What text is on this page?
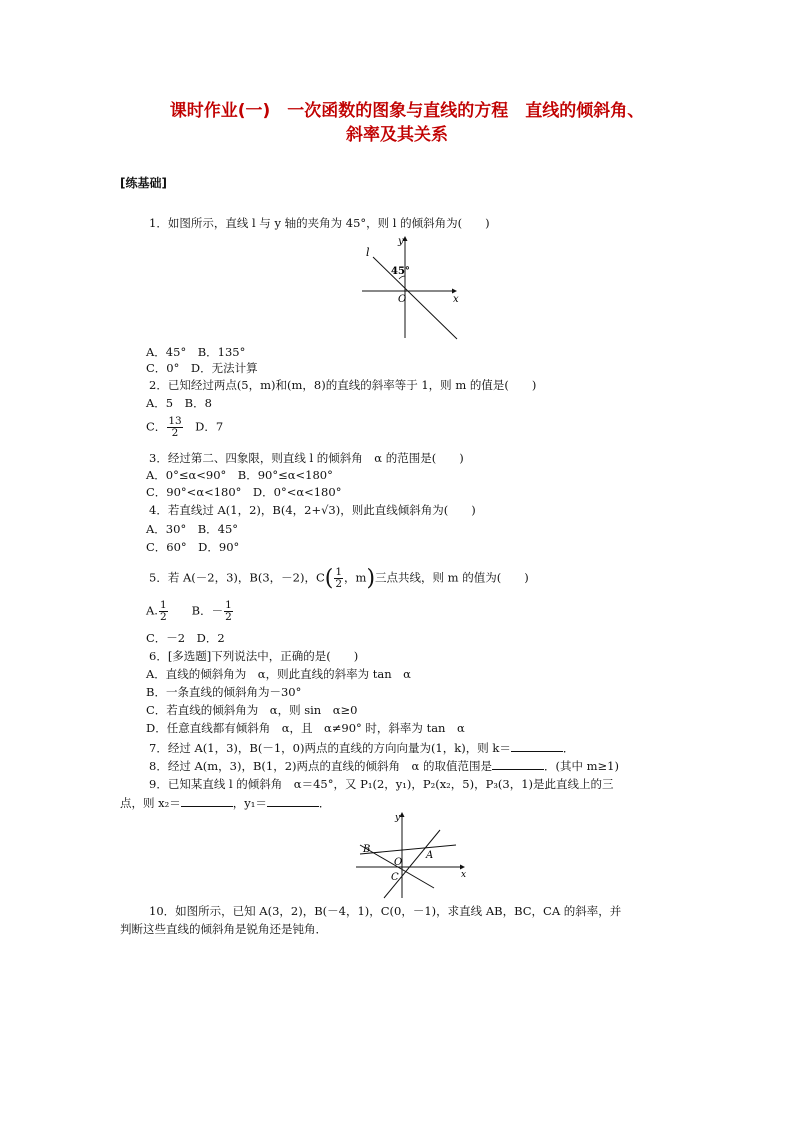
课时作业(一)　一次函数的图象与直线的方程　直线的倾斜角、
斜率及其关系
[练基础]
1．如图所示，直线 l 与 y 轴的夹角为 45°，则 l 的倾斜角为(　　)
l
y
x
O
45°
A．45°　B．135°
C．0°　D．无法计算
2．已知经过两点(5，m)和(m，8)的直线的斜率等于 1，则 m 的值是(　　)
A．5　B．8
C． $\frac{13}{2}$ 　D．7
3．经过第二、四象限，则直线 l 的倾斜角　α 的范围是(　　)
A．0°≤α<90°　B．90°≤α<180°
C．90°<α<180°　D．0°<α<180°
4．若直线过 A(1，2)，B(4，2+√3)，则此直线倾斜角为(　　)
A．30°　B．45°
C．60°　D．90°
5．若 A(－2，3)，B(3，－2)，$C( \frac{1}{2}$ ，m)三点共线，则 m 的值为(　　)
A. $\frac{1}{2}$ 　　B．－ $\frac{1}{2}$
C．－2　D．2
6．[多选题]下列说法中，正确的是(　　)
A．直线的倾斜角为　α，则此直线的斜率为 tan　α
B．一条直线的倾斜角为－30°
C．若直线的倾斜角为　α，则 sin　α≥0
D．任意直线都有倾斜角　α，且　α≠90° 时，斜率为 tan　α
7．经过 A(1，3)，B(－1，0)两点的直线的方向向量为(1，k)，则 k＝	．
8．经过 A(m，3)，B(1，2)两点的直线的倾斜角　α 的取值范围是	．(其中 m≥1)
9．已知某直线 l 的倾斜角　α＝45°，又 P₁(2，y₁)，P₂(x₂，5)，P₃(3，1)是此直线上的三
点，则 x₂＝	，y₁＝	．
y
x
O
A
B
C
10．如图所示，已知 A(3，2)，B(－4，1)，C(0，－1)，求直线 AB，BC，CA 的斜率，并
判断这些直线的倾斜角是锐角还是钝角．
